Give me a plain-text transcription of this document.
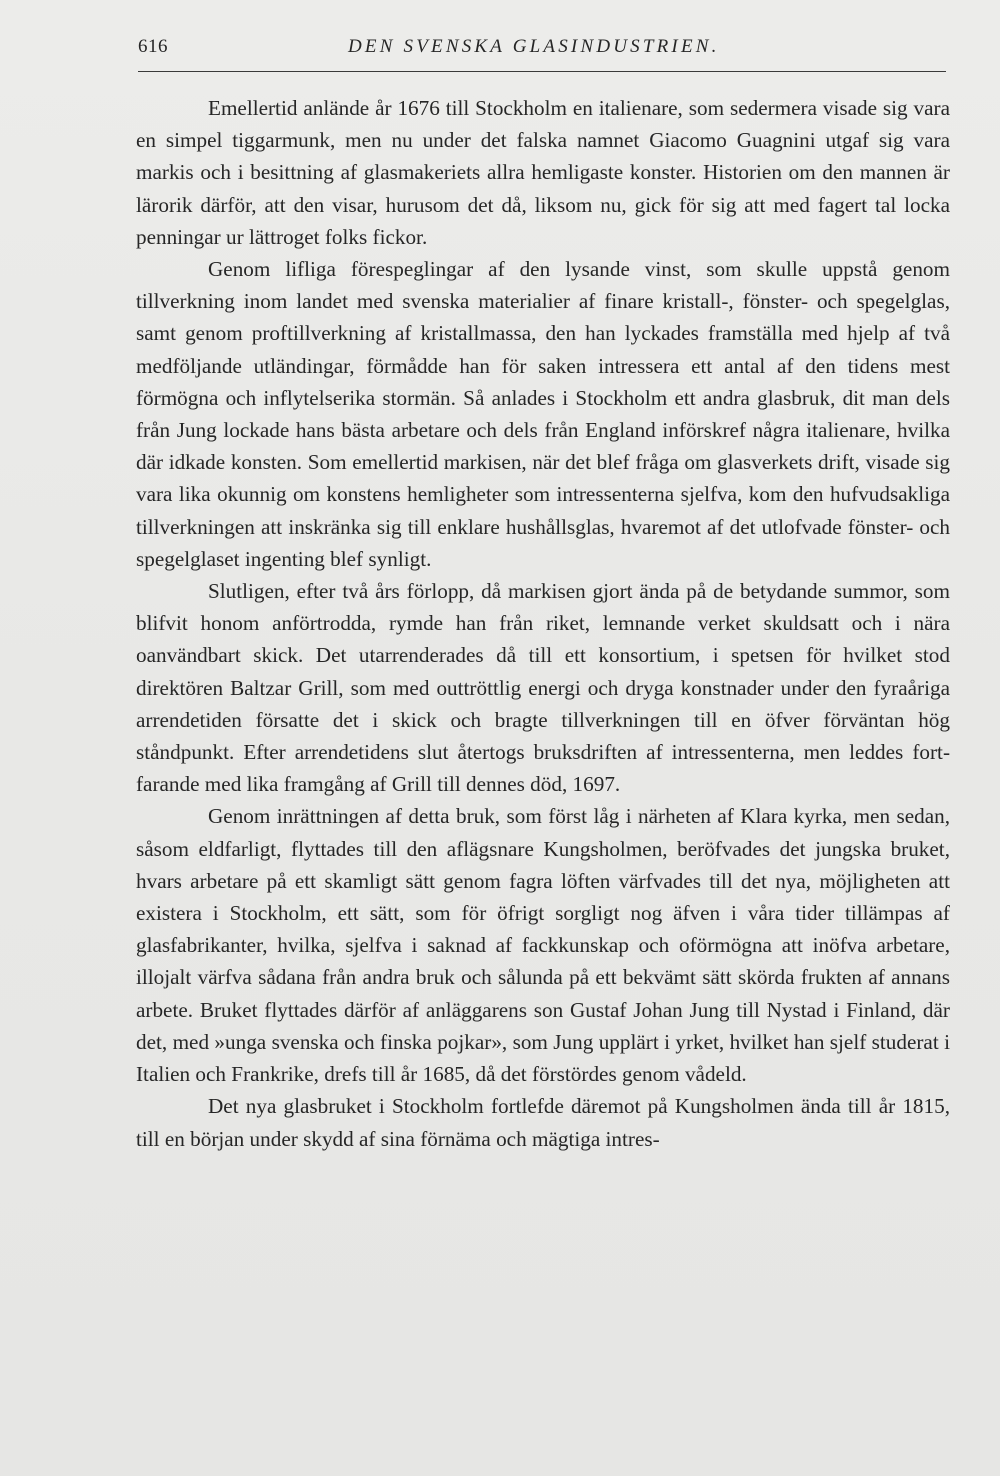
616	DEN SVENSKA GLASINDUSTRIEN.

Emellertid anlände år 1676 till Stockholm en italienare, som sedermera visade sig vara en simpel tiggarmunk, men nu under det falska namnet Giacomo Guagnini utgaf sig vara markis och i besittning af glasmakeriets allra hemligaste konster. Historien om den mannen är lärorik därför, att den visar, hurusom det då, liksom nu, gick för sig att med fagert tal locka penningar ur lättroget folks fickor.

Genom lifliga förespeglingar af den lysande vinst, som skulle uppstå genom tillverkning inom landet med svenska materialier af finare kristall-, fönster- och spegelglas, samt genom proftillverkning af kristallmassa, den han lyckades framställa med hjelp af två medföljande utländingar, förmådde han för saken intressera ett antal af den tidens mest förmögna och inflytelserika stormän. Så anlades i Stockholm ett andra glasbruk, dit man dels från Jung lockade hans bästa arbetare och dels från England införskref några italienare, hvilka där idkade konsten. Som emellertid markisen, när det blef fråga om glasverkets drift, visade sig vara lika okunnig om konstens hemligheter som intressenterna sjelfva, kom den hufvudsakliga tillverkningen att inskränka sig till enklare hushållsglas, hvaremot af det utlofvade fönster- och spegelglaset ingenting blef synligt.

Slutligen, efter två års förlopp, då markisen gjort ända på de betydande summor, som blifvit honom anförtrodda, rymde han från riket, lemnande verket skuldsatt och i nära oanvändbart skick. Det utarrenderades då till ett konsortium, i spetsen för hvilket stod direktören Baltzar Grill, som med outtröttlig energi och dryga konstnader under den fyraåriga arrendetiden försatte det i skick och bragte tillverkningen till en öfver förväntan hög ståndpunkt. Efter arrendetidens slut återtogs bruksdriften af intressenterna, men leddes fortfarande med lika framgång af Grill till dennes död, 1697.

Genom inrättningen af detta bruk, som först låg i närheten af Klara kyrka, men sedan, såsom eldfarligt, flyttades till den aflägsnare Kungsholmen, beröfvades det jungska bruket, hvars arbetare på ett skamligt sätt genom fagra löften värfvades till det nya, möjligheten att existera i Stockholm, ett sätt, som för öfrigt sorgligt nog äfven i våra tider tillämpas af glasfabrikanter, hvilka, sjelfva i saknad af fackkunskap och oförmögna att inöfva arbetare, illojalt värfva sådana från andra bruk och sålunda på ett bekvämt sätt skörda frukten af annans arbete. Bruket flyttades därför af anläggarens son Gustaf Johan Jung till Nystad i Finland, där det, med »unga svenska och finska pojkar», som Jung upplärt i yrket, hvilket han sjelf studerat i Italien och Frankrike, drefs till år 1685, då det förstördes genom vådeld.

Det nya glasbruket i Stockholm fortlefde däremot på Kungsholmen ända till år 1815, till en början under skydd af sina förnäma och mägtiga intres-
